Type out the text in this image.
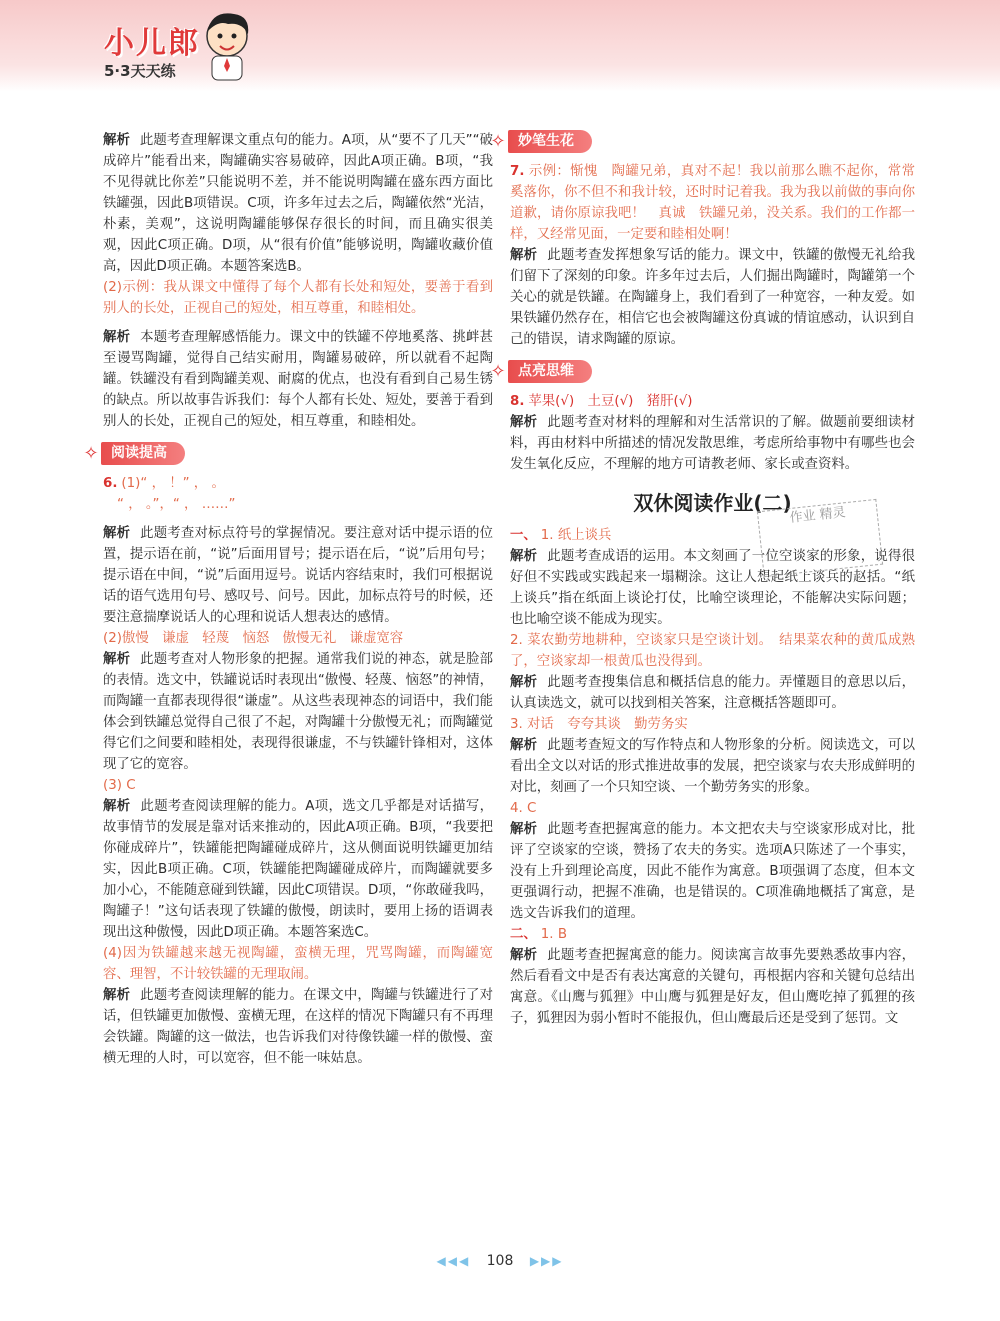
小儿郎
5·3天天练

解析 此题考查理解课文重点句的能力。A项，从“要不了几天”“破成碎片”能看出来，陶罐确实容易破碎，因此A项正确。B项，“我不见得就比你差”只能说明不差，并不能说明陶罐在盛东西方面比铁罐强，因此B项错误。C项，许多年过去之后，陶罐依然“光洁，朴素，美观”，这说明陶罐能够保存很长的时间，而且确实很美观，因此C项正确。D项，从“很有价值”能够说明，陶罐收藏价值高，因此D项正确。本题答案选B。

(2)示例：我从课文中懂得了每个人都有长处和短处，要善于看到别人的长处，正视自己的短处，相互尊重，和睦相处。

解析 本题考查理解感悟能力。课文中的铁罐不停地奚落、挑衅甚至谩骂陶罐，觉得自己结实耐用，陶罐易破碎，所以就看不起陶罐。铁罐没有看到陶罐美观、耐腐的优点，也没有看到自己易生锈的缺点。所以故事告诉我们：每个人都有长处、短处，要善于看到别人的长处，正视自己的短处，相互尊重，和睦相处。

✧ 阅读提高

6. (1)“ ， ！” ， 。

“ ， 。”，“ ， ……”

解析 此题考查对标点符号的掌握情况。要注意对话中提示语的位置，提示语在前，“说”后面用冒号；提示语在后，“说”后用句号；提示语在中间，“说”后面用逗号。说话内容结束时，我们可根据说话的语气选用句号、感叹号、问号。因此，加标点符号的时候，还要注意揣摩说话人的心理和说话人想表达的感情。

(2)傲慢　谦虚　轻蔑　恼怒　傲慢无礼　谦虚宽容

解析 此题考查对人物形象的把握。通常我们说的神态，就是脸部的表情。选文中，铁罐说话时表现出“傲慢、轻蔑、恼怒”的神情，而陶罐一直都表现得很“谦虚”。从这些表现神态的词语中，我们能体会到铁罐总觉得自己很了不起，对陶罐十分傲慢无礼；而陶罐觉得它们之间要和睦相处，表现得很谦虚，不与铁罐针锋相对，这体现了它的宽容。

(3) C

解析 此题考查阅读理解的能力。A项，选文几乎都是对话描写，故事情节的发展是靠对话来推动的，因此A项正确。B项，“我要把你碰成碎片”，铁罐能把陶罐碰成碎片，这从侧面说明铁罐更加结实，因此B项正确。C项，铁罐能把陶罐碰成碎片，而陶罐就要多加小心，不能随意碰到铁罐，因此C项错误。D项，“你敢碰我吗，陶罐子！”这句话表现了铁罐的傲慢，朗读时，要用上扬的语调表现出这种傲慢，因此D项正确。本题答案选C。

(4)因为铁罐越来越无视陶罐，蛮横无理，咒骂陶罐，而陶罐宽容、理智，不计较铁罐的无理取闹。

解析 此题考查阅读理解的能力。在课文中，陶罐与铁罐进行了对话，但铁罐更加傲慢、蛮横无理，在这样的情况下陶罐只有不再理会铁罐。陶罐的这一做法，也告诉我们对待像铁罐一样的傲慢、蛮横无理的人时，可以宽容，但不能一味姑息。

✧ 妙笔生花

7. 示例：惭愧　陶罐兄弟，真对不起！我以前那么瞧不起你，常常奚落你，你不但不和我计较，还时时记着我。我为我以前做的事向你道歉，请你原谅我吧！　真诚　铁罐兄弟，没关系。我们的工作都一样，又经常见面，一定要和睦相处啊！

解析 此题考查发挥想象写话的能力。课文中，铁罐的傲慢无礼给我们留下了深刻的印象。许多年过去后，人们掘出陶罐时，陶罐第一个关心的就是铁罐。在陶罐身上，我们看到了一种宽容，一种友爱。如果铁罐仍然存在，相信它也会被陶罐这份真诚的情谊感动，认识到自己的错误，请求陶罐的原谅。

✧ 点亮思维

8. 苹果(√)　土豆(√)　猪肝(√)

解析 此题考查对材料的理解和对生活常识的了解。做题前要细读材料，再由材料中所描述的情况发散思维，考虑所给事物中有哪些也会发生氧化反应，不理解的地方可请教老师、家长或查资料。

双休阅读作业(二)
作业 精灵

一、 1. 纸上谈兵

解析 此题考查成语的运用。本文刻画了一位空谈家的形象，说得很好但不实践或实践起来一塌糊涂。这让人想起纸上谈兵的赵括。“纸上谈兵”指在纸面上谈论打仗，比喻空谈理论，不能解决实际问题；也比喻空谈不能成为现实。

2. 菜农勤劳地耕种，空谈家只是空谈计划。　结果菜农种的黄瓜成熟了，空谈家却一根黄瓜也没得到。

解析 此题考查搜集信息和概括信息的能力。弄懂题目的意思以后，认真读选文，就可以找到相关答案，注意概括答题即可。

3. 对话　夸夸其谈　勤劳务实

解析 此题考查短文的写作特点和人物形象的分析。阅读选文，可以看出全文以对话的形式推进故事的发展，把空谈家与农夫形成鲜明的对比，刻画了一个只知空谈、一个勤劳务实的形象。

4. C

解析 此题考查把握寓意的能力。本文把农夫与空谈家形成对比，批评了空谈家的空谈，赞扬了农夫的务实。选项A只陈述了一个事实，没有上升到理论高度，因此不能作为寓意。B项强调了态度，但本文更强调行动，把握不准确，也是错误的。C项准确地概括了寓意，是选文告诉我们的道理。

二、 1. B

解析 此题考查把握寓意的能力。阅读寓言故事先要熟悉故事内容，然后看看文中是否有表达寓意的关键句，再根据内容和关键句总结出寓意。《山鹰与狐狸》中山鹰与狐狸是好友，但山鹰吃掉了狐狸的孩子，狐狸因为弱小暂时不能报仇，但山鹰最后还是受到了惩罚。文

◀◀◀ 108 ▶▶▶
